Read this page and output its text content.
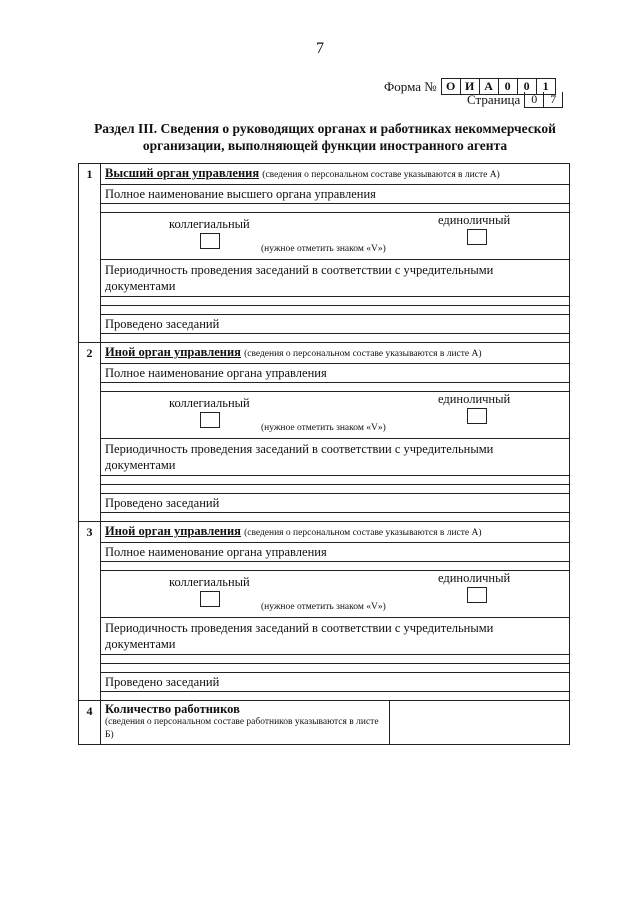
7
Форма № О И А 0	0	1
Страница 0	7
Раздел III. Сведения о руководящих органах и работниках некоммерческой организации, выполняющей функции иностранного агента
1	Высший орган управления (сведения о персональном составе указываются в листе А)
Полное наименование высшего органа управления
коллегиальный	единоличный
(нужное отметить знаком «V»)
Периодичность проведения заседаний в соответствии с учредительными документами
Проведено заседаний
2	Иной орган управления (сведения о персональном составе указываются в листе А)
Полное наименование органа управления
коллегиальный	единоличный
(нужное отметить знаком «V»)
Периодичность проведения заседаний в соответствии с учредительными документами
Проведено заседаний
3	Иной орган управления (сведения о персональном составе указываются в листе А)
Полное наименование органа управления
коллегиальный	единоличный
(нужное отметить знаком «V»)
Периодичность проведения заседаний в соответствии с учредительными документами
Проведено заседаний
4	Количество работников
(сведения о персональном составе работников указываются в листе Б)
